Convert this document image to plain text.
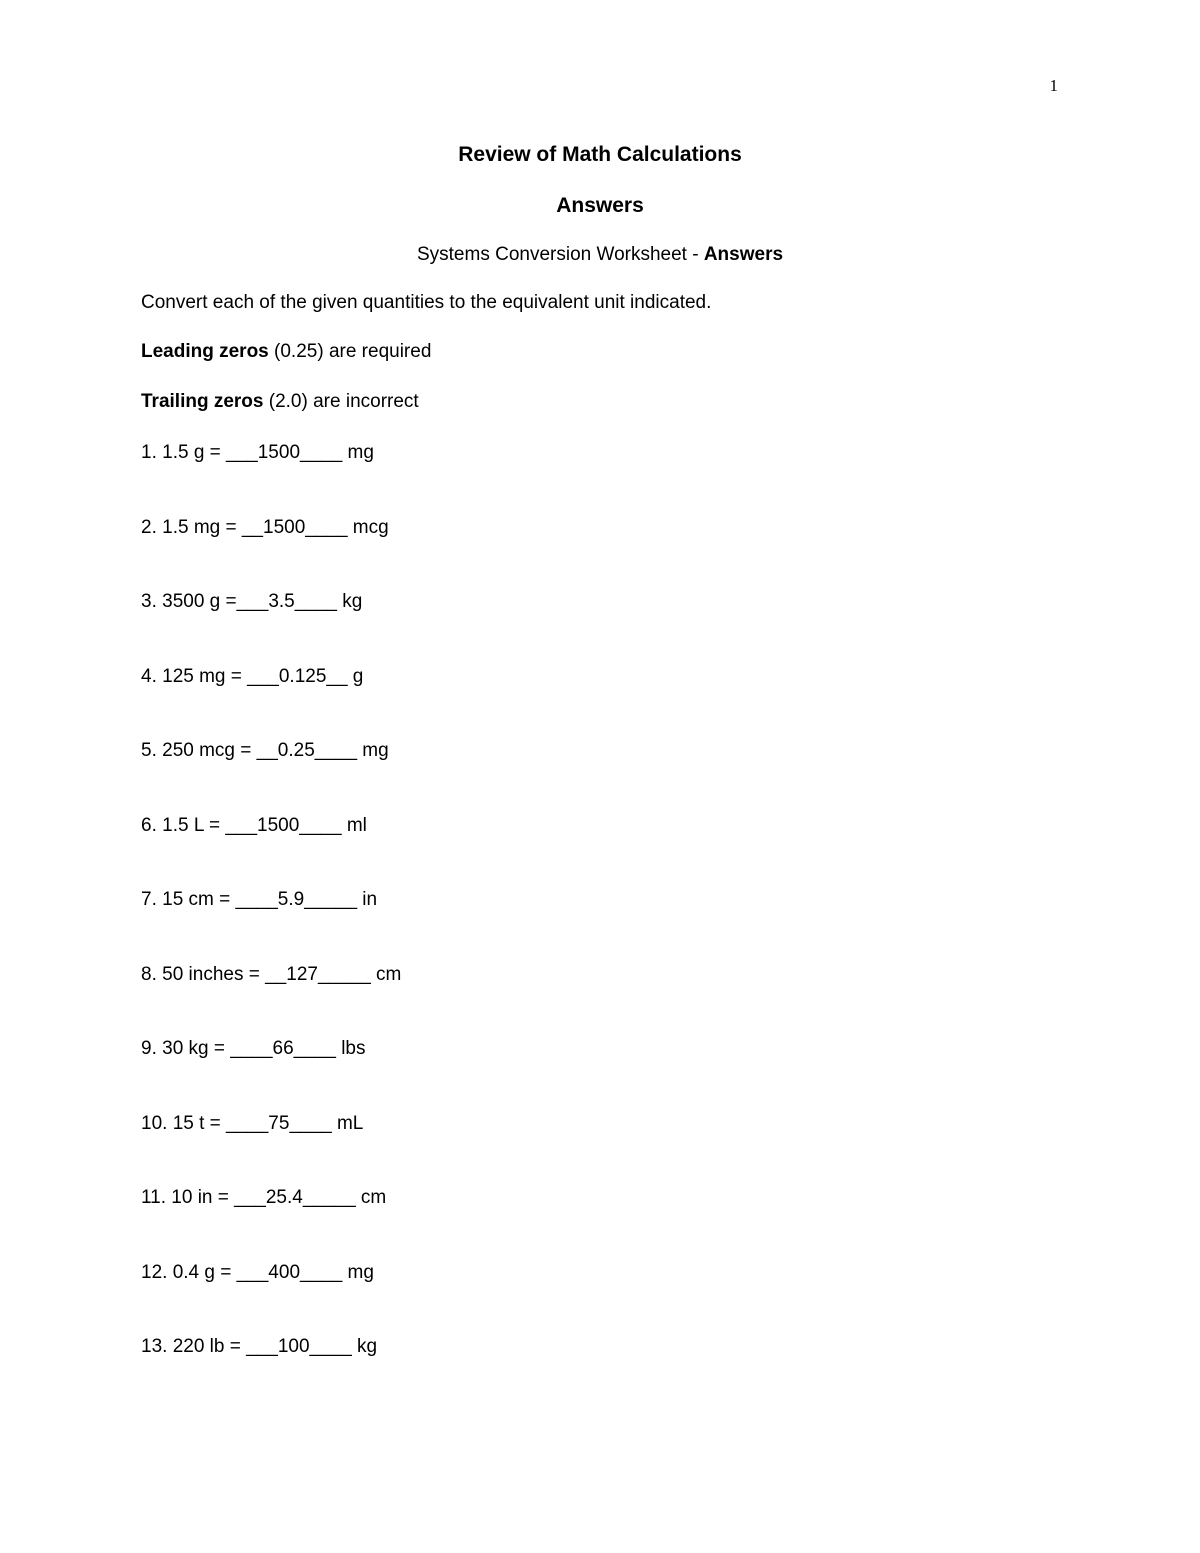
1
Review of Math Calculations
Answers
Systems Conversion Worksheet - Answers
Convert each of the given quantities to the equivalent unit indicated.
Leading zeros (0.25) are required
Trailing zeros (2.0) are incorrect
1. 1.5 g = ___1500____ mg
2. 1.5 mg = __1500____ mcg
3. 3500 g =___3.5____ kg
4. 125 mg = ___0.125__ g
5. 250 mcg = __0.25____ mg
6. 1.5 L = ___1500____ ml
7. 15 cm = ____5.9_____ in
8. 50 inches = __127_____ cm
9. 30 kg = ____66____ lbs
10. 15 t = ____75____ mL
11. 10 in = ___25.4_____ cm
12. 0.4 g = ___400____ mg
13. 220 lb = ___100____ kg
